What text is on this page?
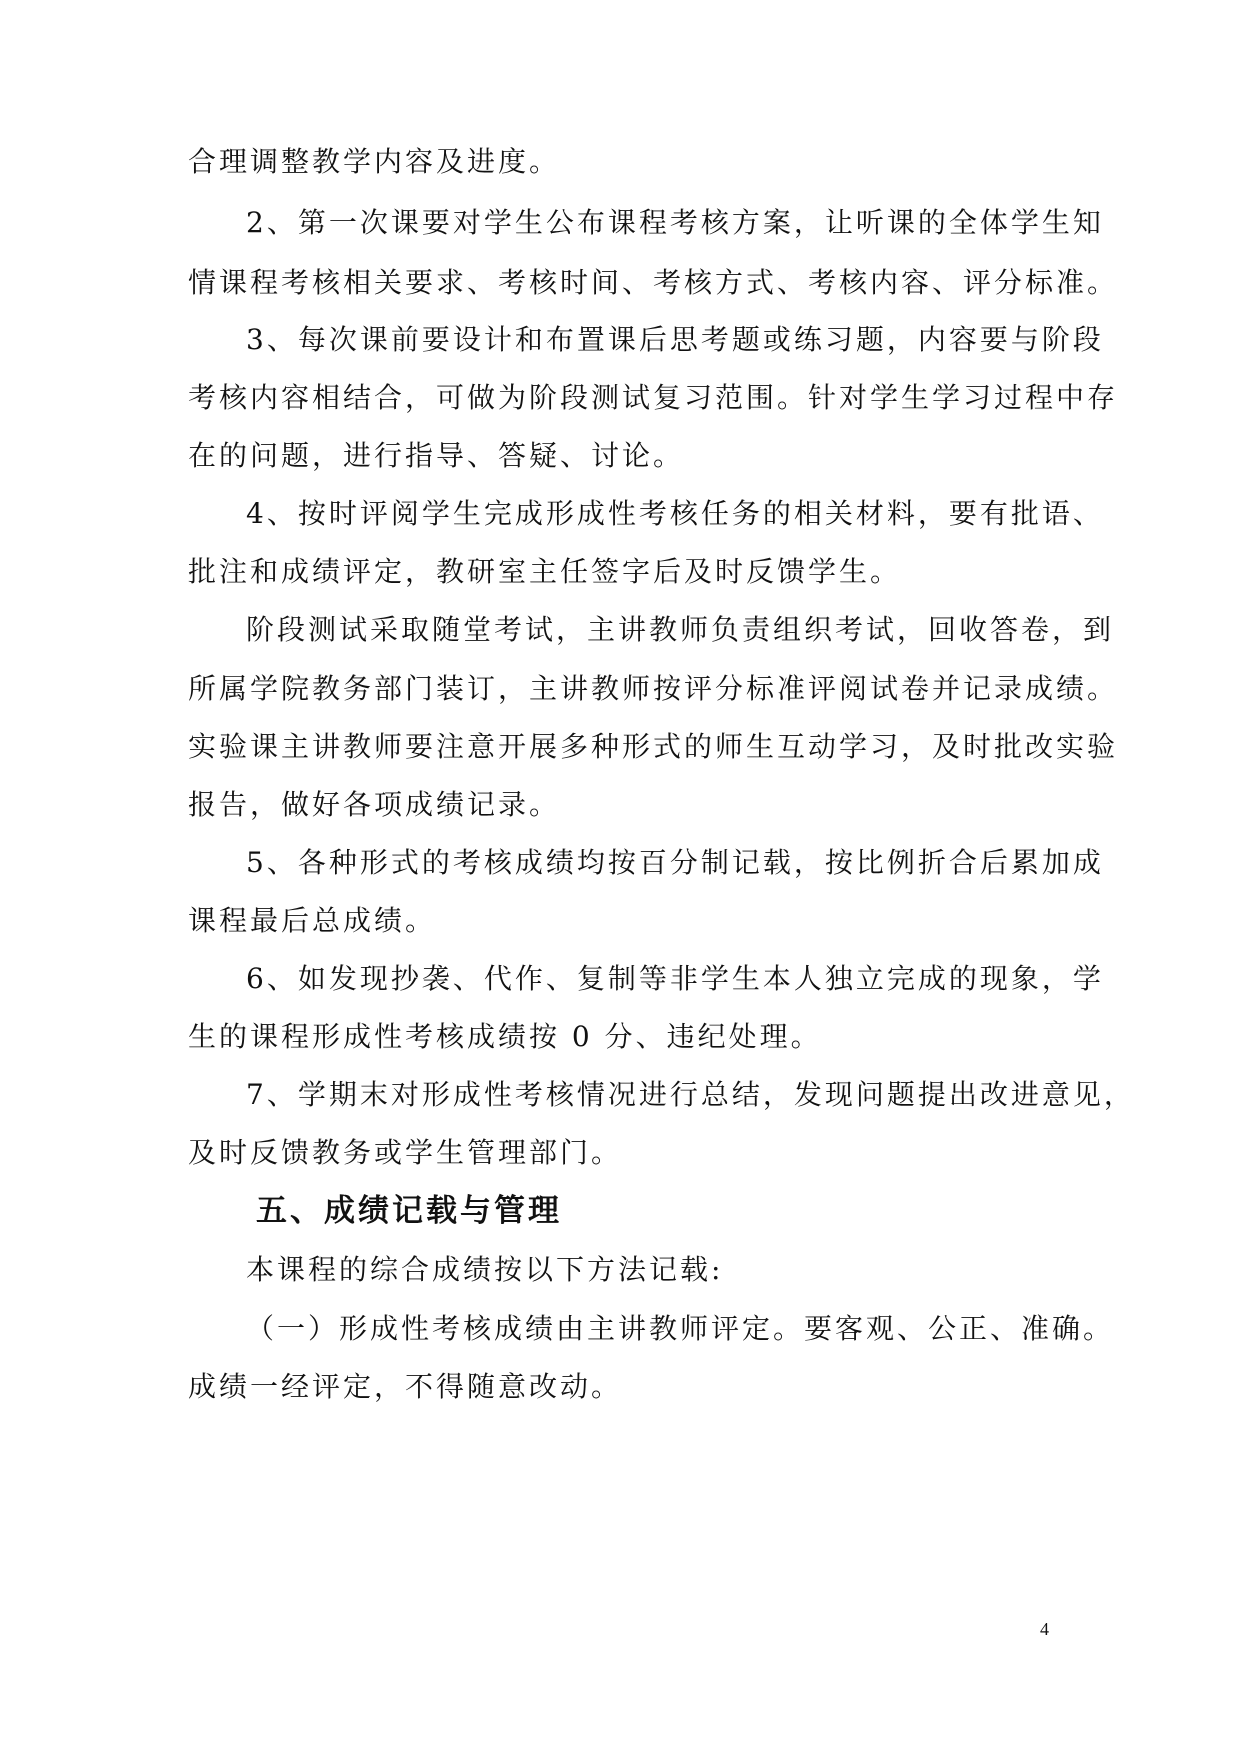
合理调整教学内容及进度。
2、第一次课要对学生公布课程考核方案，让听课的全体学生知
情课程考核相关要求、考核时间、考核方式、考核内容、评分标准。
3、每次课前要设计和布置课后思考题或练习题，内容要与阶段
考核内容相结合，可做为阶段测试复习范围。针对学生学习过程中存
在的问题，进行指导、答疑、讨论。
4、按时评阅学生完成形成性考核任务的相关材料，要有批语、
批注和成绩评定，教研室主任签字后及时反馈学生。
阶段测试采取随堂考试，主讲教师负责组织考试，回收答卷，到
所属学院教务部门装订，主讲教师按评分标准评阅试卷并记录成绩。
实验课主讲教师要注意开展多种形式的师生互动学习，及时批改实验
报告，做好各项成绩记录。
5、各种形式的考核成绩均按百分制记载，按比例折合后累加成
课程最后总成绩。
6、如发现抄袭、代作、复制等非学生本人独立完成的现象，学
生的课程形成性考核成绩按 0 分、违纪处理。
7、学期末对形成性考核情况进行总结，发现问题提出改进意见，
及时反馈教务或学生管理部门。
五、成绩记载与管理
本课程的综合成绩按以下方法记载:
（一）形成性考核成绩由主讲教师评定。要客观、公正、准确。
成绩一经评定，不得随意改动。
4
